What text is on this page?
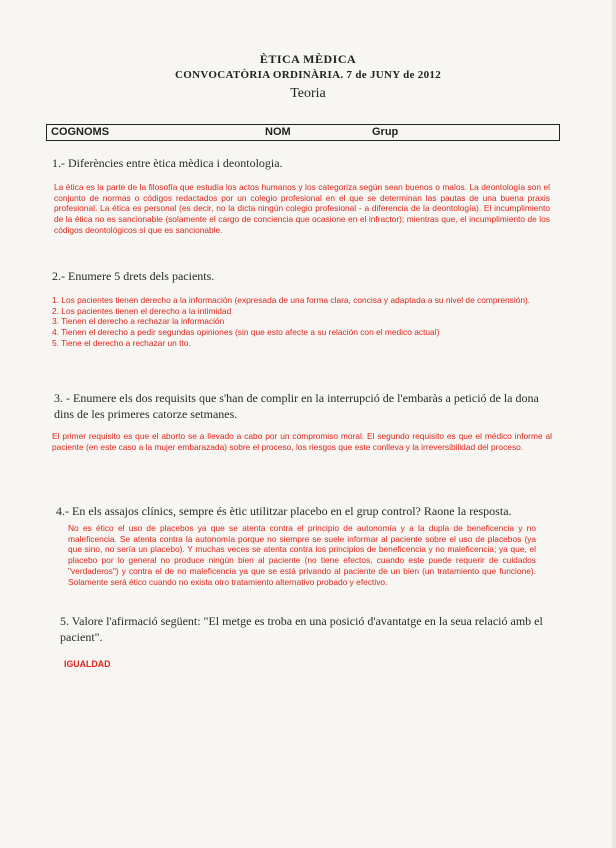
ÈTICA MÈDICA
CONVOCATÒRIA ORDINÀRIA. 7 de JUNY de 2012
Teoria
COGNOMS	NOM	Grup
1.- Diferències entre ètica mèdica i deontologia.
La ética es la parte de la filosofía que estudia los actos humanos y los categoriza según sean buenos o malos. La deontología son el conjunto de normas o códigos redactados por un colegio profesional en el que se determinan las pautas de una buena praxis profesional. La ética es personal (es decir, no la dicta ningún colegio profesional - a diferencia de la deontología). El incumplimiento de la ética no es sancionable (solamente el cargo de conciencia que ocasione en el infractor); mientras que, el incumplimiento de los códigos deontológicos sí que es sancionable.
2.- Enumere 5 drets dels pacients.
1. Los pacientes tienen derecho a la información (expresada de una forma clara, concisa y adaptada a su nivel de comprensión).
2. Los pacientes tienen el derecho a la intimidad
3. Tienen el derecho a rechazar la información
4. Tienen el derecho a pedir segundas opiniones (sin que esto afecte a su relación con el medico actual)
5. Tiene el derecho a rechazar un tto.
3. - Enumere els dos requisits que s'han de complir en la interrupció de l'embaràs a petició de la dona dins de les primeres catorze setmanes.
El primer requisito es que el aborto se a llevado a cabo por un compromiso moral. El segundo requisito es que el médico informe al paciente (en este caso a la mujer embarazada) sobre el proceso, los riesgos que este conlleva y la irreversibilidad del proceso.
4.- En els assajos clínics, sempre és ètic utilitzar placebo en el grup control? Raone la resposta.
No es ético el uso de placebos ya que se atenta contra el principio de autonomía y a la dupla de beneficencia y no maleficencia. Se atenta contra la autonomía porque no siempre se suele informar al paciente sobre el uso de placebos (ya que sino, no sería un placebo). Y muchas veces se atenta contra los principios de beneficencia y no maleficencia; ya que, el placebo por lo general no produce ningún bien al paciente (no tiene efectos, cuando este puede requerir de cuidados "verdaderos") y contra el de no maleficencia ya que se está privando al paciente de un bien (un tratamiento que funcione). Solamente será ético cuando no exista otro tratamiento alternativo probado y efectivo.
5. Valore l'afirmació següent: "El metge es troba en una posició d'avantatge en la seua relació amb el pacient".
IGUALDAD
